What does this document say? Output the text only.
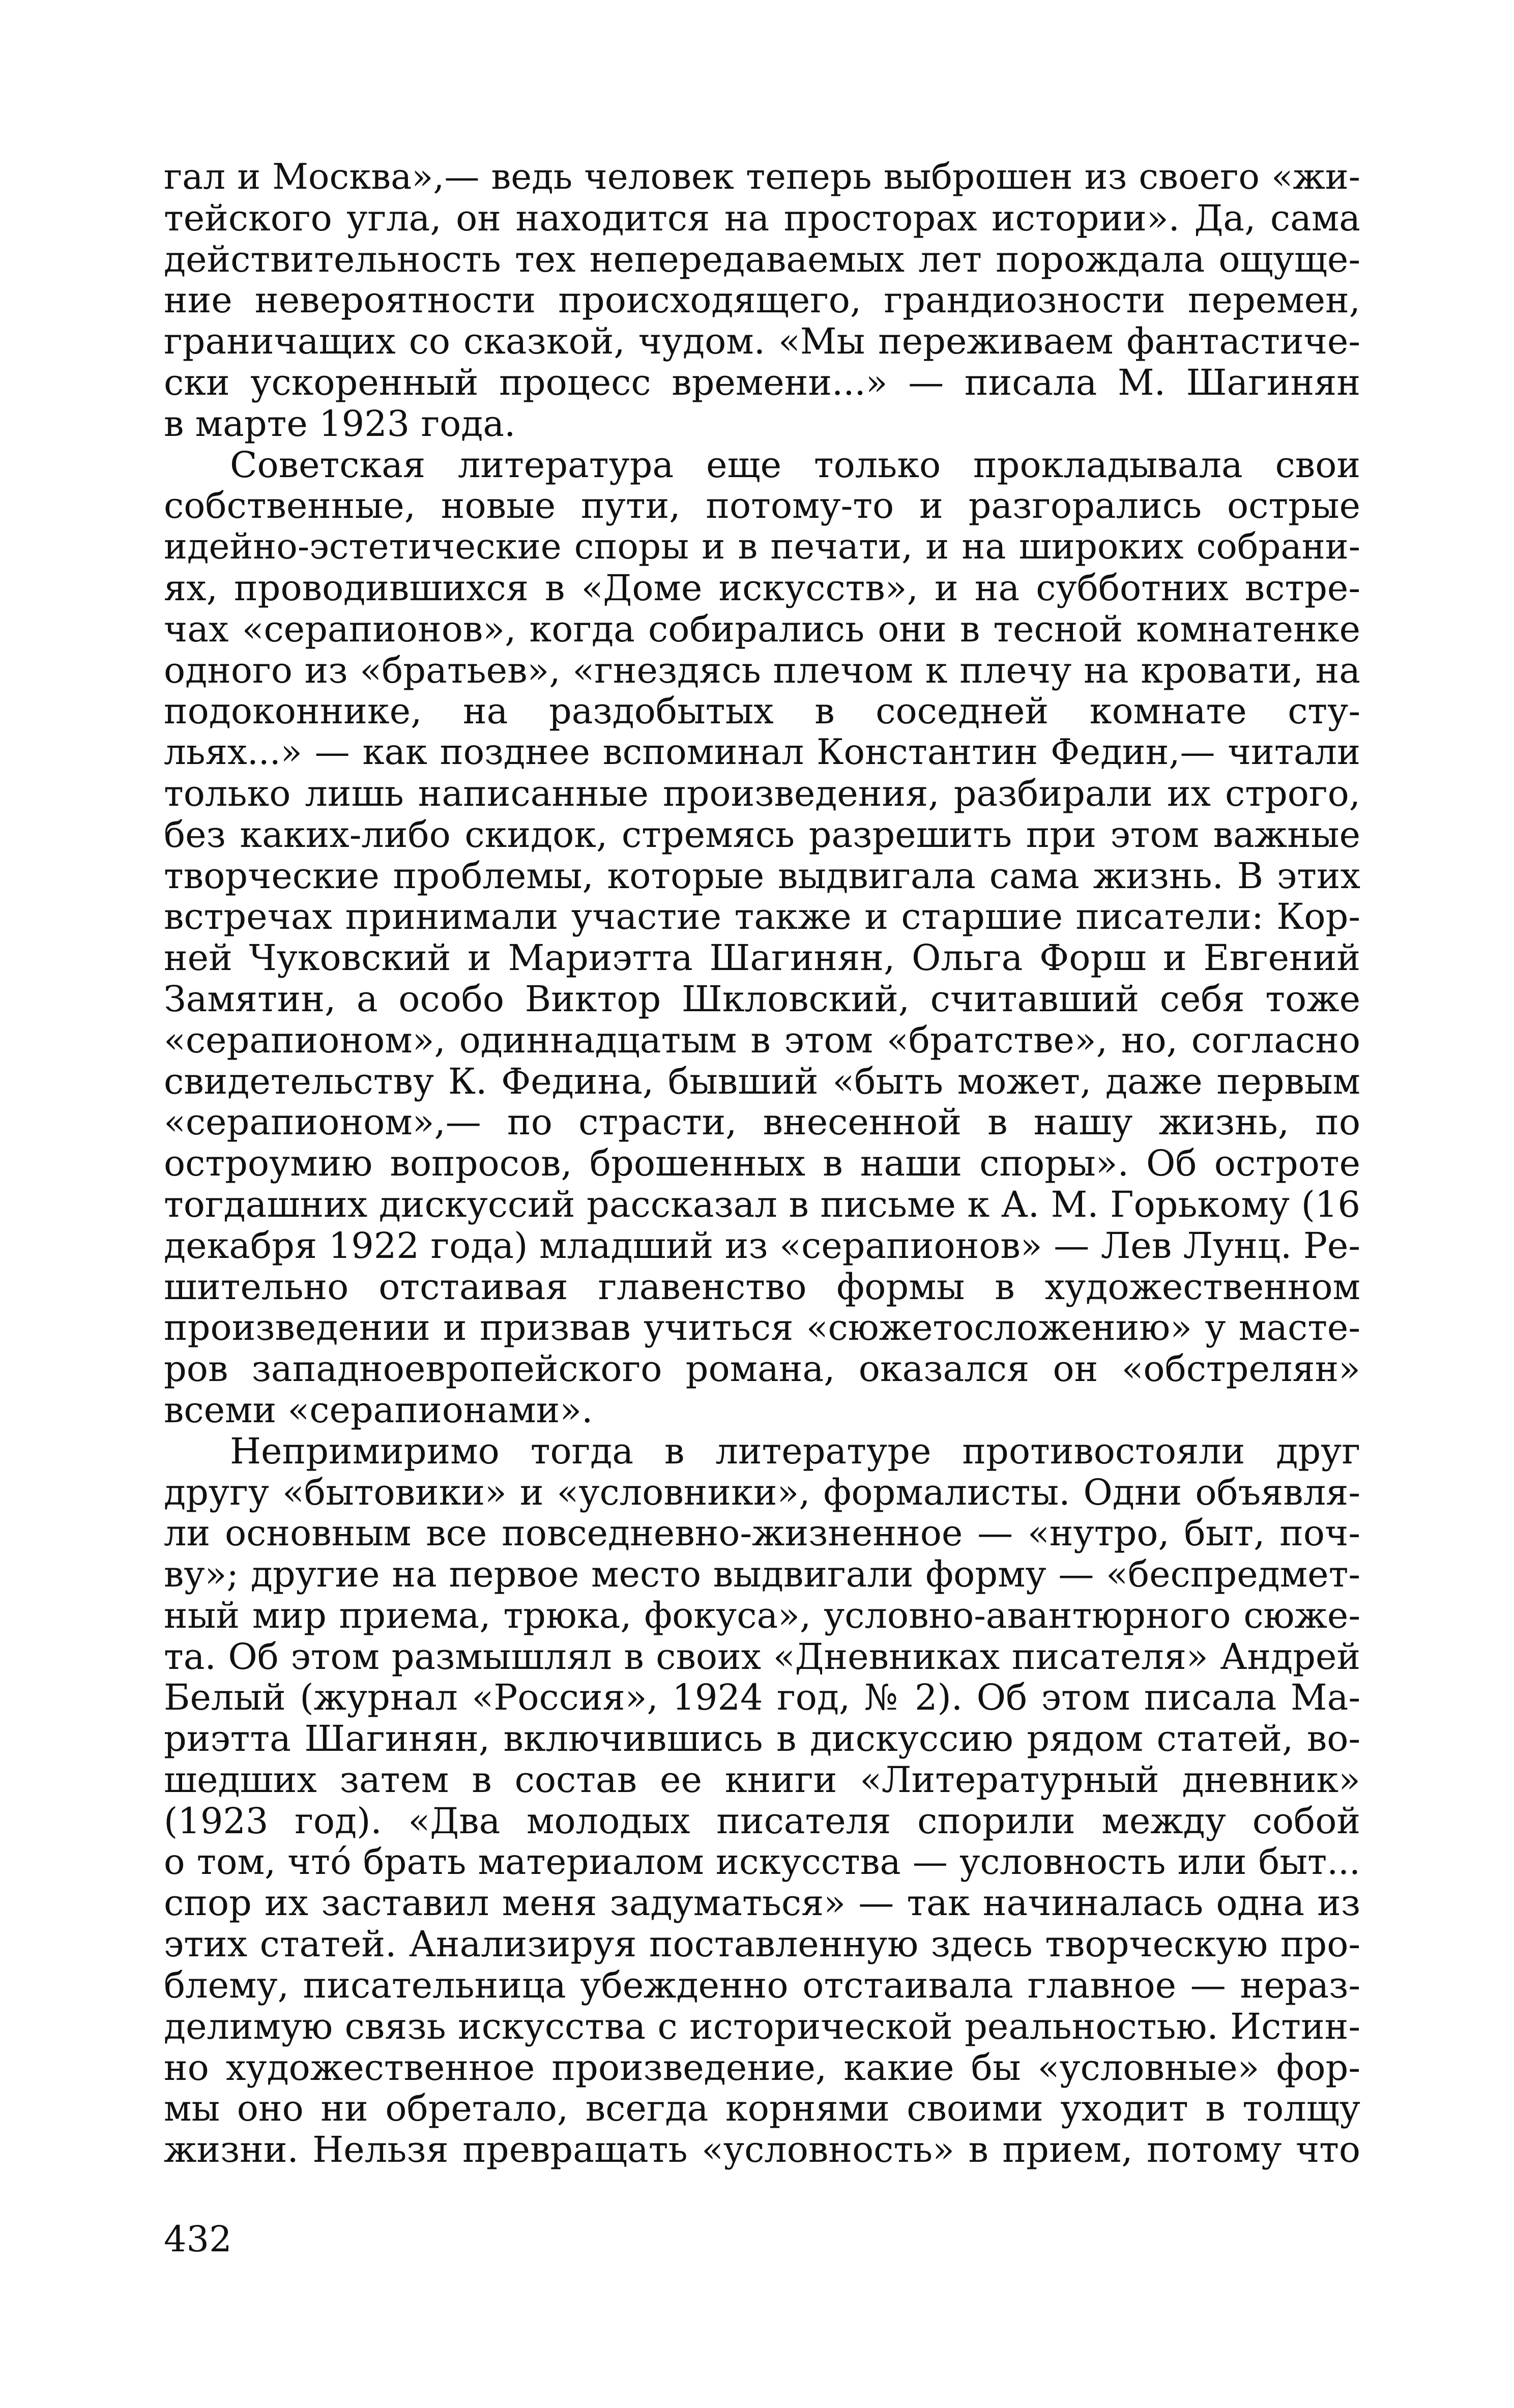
гал и Москва»,— ведь человек теперь выброшен из своего «жи-
тейского угла, он находится на просторах истории». Да, сама
действительность тех непередаваемых лет порождала ощуще-
ние невероятности происходящего, грандиозности перемен,
граничащих со сказкой, чудом. «Мы переживаем фантастиче-
ски ускоренный процесс времени...» — писала М. Шагинян
в марте 1923 года.
Советская литература еще только прокладывала свои
собственные, новые пути, потому-то и разгорались острые
идейно-эстетические споры и в печати, и на широких собрани-
ях, проводившихся в «Доме искусств», и на субботних встре-
чах «серапионов», когда собирались они в тесной комнатенке
одного из «братьев», «гнездясь плечом к плечу на кровати, на
подоконнике, на раздобытых в соседней комнате сту-
льях...» — как позднее вспоминал Константин Федин,— читали
только лишь написанные произведения, разбирали их строго,
без каких-либо скидок, стремясь разрешить при этом важные
творческие проблемы, которые выдвигала сама жизнь. В этих
встречах принимали участие также и старшие писатели: Кор-
ней Чуковский и Мариэтта Шагинян, Ольга Форш и Евгений
Замятин, а особо Виктор Шкловский, считавший себя тоже
«серапионом», одиннадцатым в этом «братстве», но, согласно
свидетельству К. Федина, бывший «быть может, даже первым
«серапионом»,— по страсти, внесенной в нашу жизнь, по
остроумию вопросов, брошенных в наши споры». Об остроте
тогдашних дискуссий рассказал в письме к А. М. Горькому (16
декабря 1922 года) младший из «серапионов» — Лев Лунц. Ре-
шительно отстаивая главенство формы в художественном
произведении и призвав учиться «сюжетосложению» у масте-
ров западноевропейского романа, оказался он «обстрелян»
всеми «серапионами».
Непримиримо тогда в литературе противостояли друг
другу «бытовики» и «условники», формалисты. Одни объявля-
ли основным все повседневно-жизненное — «нутро, быт, поч-
ву»; другие на первое место выдвигали форму — «беспредмет-
ный мир приема, трюка, фокуса», условно-авантюрного сюже-
та. Об этом размышлял в своих «Дневниках писателя» Андрей
Белый (журнал «Россия», 1924 год, № 2). Об этом писала Ма-
риэтта Шагинян, включившись в дискуссию рядом статей, во-
шедших затем в состав ее книги «Литературный дневник»
(1923 год). «Два молодых писателя спорили между собой
о том, что́ брать материалом искусства — условность или быт...
спор их заставил меня задуматься» — так начиналась одна из
этих статей. Анализируя поставленную здесь творческую про-
блему, писательница убежденно отстаивала главное — нераз-
делимую связь искусства с исторической реальностью. Истин-
но художественное произведение, какие бы «условные» фор-
мы оно ни обретало, всегда корнями своими уходит в толщу
жизни. Нельзя превращать «условность» в прием, потому что
432
